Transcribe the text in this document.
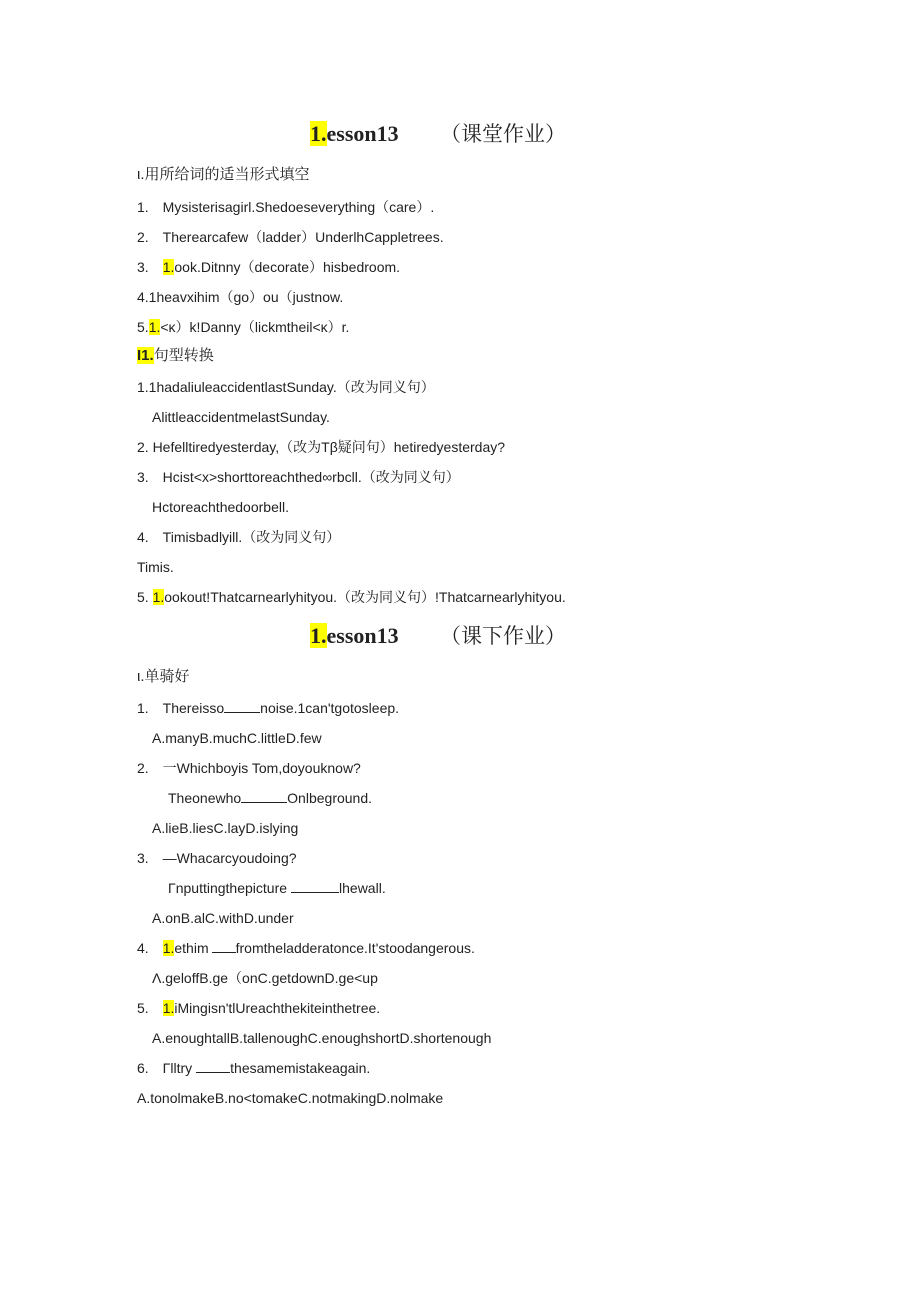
1.esson13 （课堂作业）
ι.用所给词的适当形式填空
1. Mysisterisagirl.Shedoeseverything（care）.
2. Therearcafew（ladder）UnderlhCappletrees.
3. 1.ook.Ditnny（decorate）hisbedroom.
4.1heavxihim（go）ou（justnow.
5.1.<κ）k!Danny（lickmtheil<κ）r.
I1.句型转换
1.1hadaliuleaccidentlastSunday.（改为同义句）
AlittleaccidentmelastSunday.
2. Hefelltiredyesterday,（改为Tβ疑问句）hetiredyesterday?
3. Hcist<x>shorttoreachthed∞rbcll.（改为同义句）
Hctoreachthedoorbell.
4. Timisbadlyill.（改为同义句）
Timis.
5. 1.ookout!Thatcarnearlyhityou.（改为同义句）!Thatcarnearlyhityou.
1.esson13 （课下作业）
ι.单骑好
1. Thereisso	noise.1can'tgotosleep.
A.manyB.muchC.littleD.few
2. 一Whichboyis Tom,doyouknow?
Theonewho	Onlbeground.
A.lieB.liesC.layD.islying
3. —Whacarcyoudoing?
Γnputtingthepicture	lhewall.
A.onB.alC.withD.under
4. 1.ethim fromtheladderatonce.It'stoodangerous.
Λ.geloffB.ge（onC.getdownD.ge<up
5. 1.iMingisn'tlUreachthekiteinthetree.
A.enoughtallB.tallenoughC.enoughshortD.shortenough
6. Γlltry	thesamemistakeagain.
A.tonolmakeB.no<tomakeC.notmakingD.nolmake
